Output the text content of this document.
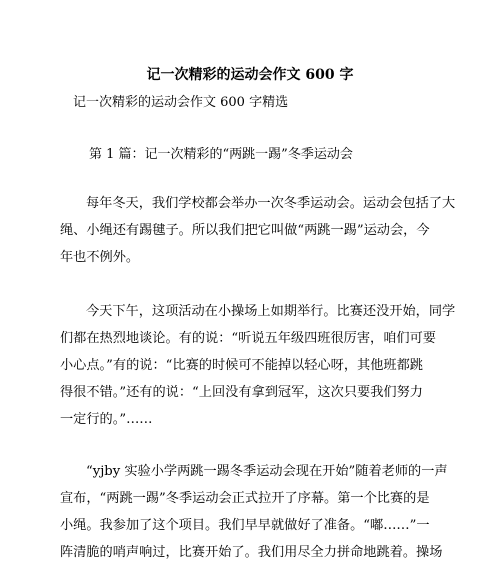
记一次精彩的运动会作文 600 字
记一次精彩的运动会作文 600 字精选
第 1 篇：记一次精彩的“两跳一踢”冬季运动会

每年冬天，我们学校都会举办一次冬季运动会。运动会包括了大
绳、小绳还有踢毽子。所以我们把它叫做“两跳一踢”运动会，今
年也不例外。

今天下午，这项活动在小操场上如期举行。比赛还没开始，同学
们都在热烈地谈论。有的说：“听说五年级四班很厉害，咱们可要
小心点。”有的说：“比赛的时候可不能掉以轻心呀，其他班都跳
得很不错。”还有的说：“上回没有拿到冠军，这次只要我们努力
一定行的。”……

“yjby 实验小学两跳一踢冬季运动会现在开始”随着老师的一声
宣布，“两跳一踢”冬季运动会正式拉开了序幕。第一个比赛的是
小绳。我参加了这个项目。我们早早就做好了准备。“嘟……”一
阵清脆的哨声响过，比赛开始了。我们用尽全力拼命地跳着。操场
